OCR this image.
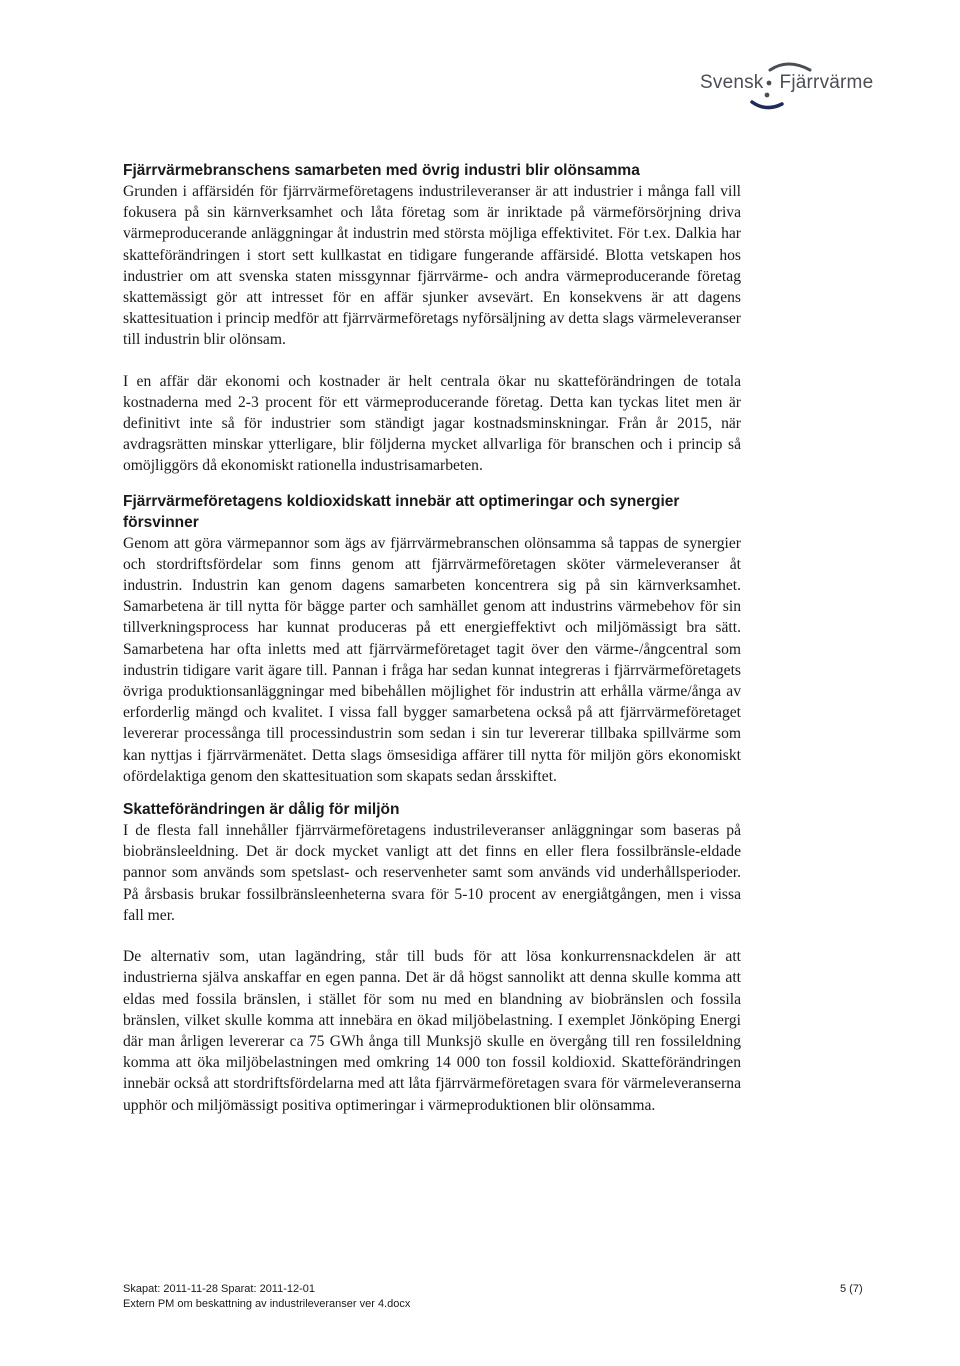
Svensk Fjärrvärme
Fjärrvärmebranschens samarbeten med övrig industri blir olönsamma

Grunden i affärsidén för fjärrvärmeföretagens industrileveranser är att industrier i många fall vill fokusera på sin kärnverksamhet och låta företag som är inriktade på värmeförsörjning driva värmeproducerande anläggningar åt industrin med största möjliga effektivitet. För t.ex. Dalkia har skatteförändringen i stort sett kullkastat en tidigare fungerande affärsidé. Blotta vetskapen hos industrier om att svenska staten missgynnar fjärrvärme- och andra värmeproducerande företag skattemässigt gör att intresset för en affär sjunker avsevärt. En konsekvens är att dagens skattesituation i princip medför att fjärrvärmeföretags nyförsäljning av detta slags värmeleveranser till industrin blir olönsam.

I en affär där ekonomi och kostnader är helt centrala ökar nu skatteförändringen de totala kostnaderna med 2-3 procent för ett värmeproducerande företag. Detta kan tyckas litet men är definitivt inte så för industrier som ständigt jagar kostnadsminskningar. Från år 2015, när avdragsrätten minskar ytterligare, blir följderna mycket allvarliga för branschen och i princip så omöjliggörs då ekonomiskt rationella industrisamarbeten.

Fjärrvärmeföretagens koldioxidskatt innebär att optimeringar och synergier försvinner

Genom att göra värmepannor som ägs av fjärrvärmebranschen olönsamma så tappas de synergier och stordriftsfördelar som finns genom att fjärrvärmeföretagen sköter värmeleveranser åt industrin. Industrin kan genom dagens samarbeten koncentrera sig på sin kärnverksamhet. Samarbetena är till nytta för bägge parter och samhället genom att industrins värmebehov för sin tillverkningsprocess har kunnat produceras på ett energieffektivt och miljömässigt bra sätt. Samarbetena har ofta inletts med att fjärrvärmeföretaget tagit över den värme-/ångcentral som industrin tidigare varit ägare till. Pannan i fråga har sedan kunnat integreras i fjärrvärmeföretagets övriga produktionsanläggningar med bibehållen möjlighet för industrin att erhålla värme/ånga av erforderlig mängd och kvalitet. I vissa fall bygger samarbetena också på att fjärrvärmeföretaget levererar processånga till processindustrin som sedan i sin tur levererar tillbaka spillvärme som kan nyttjas i fjärrvärmenätet. Detta slags ömsesidiga affärer till nytta för miljön görs ekonomiskt ofördelaktiga genom den skattesituation som skapats sedan årsskiftet.

Skatteförändringen är dålig för miljön

I de flesta fall innehåller fjärrvärmeföretagens industrileveranser anläggningar som baseras på biobränsleeldning. Det är dock mycket vanligt att det finns en eller flera fossilbränsle-eldade pannor som används som spetslast- och reservenheter samt som används vid underhållsperioder. På årsbasis brukar fossilbränsleenheterna svara för 5-10 procent av energiåtgången, men i vissa fall mer.

De alternativ som, utan lagändring, står till buds för att lösa konkurrensnackdelen är att industrierna själva anskaffar en egen panna. Det är då högst sannolikt att denna skulle komma att eldas med fossila bränslen, i stället för som nu med en blandning av biobränslen och fossila bränslen, vilket skulle komma att innebära en ökad miljöbelastning. I exemplet Jönköping Energi där man årligen levererar ca 75 GWh ånga till Munksjö skulle en övergång till ren fossileldning komma att öka miljöbelastningen med omkring 14 000 ton fossil koldioxid. Skatteförändringen innebär också att stordriftsfördelarna med att låta fjärrvärmeföretagen svara för värmeleveranserna upphör och miljömässigt positiva optimeringar i värmeproduktionen blir olönsamma.

Skapat: 2011-11-28 Sparat: 2011-12-01
Extern PM om beskattning av industrileveranser ver 4.docx
5 (7)
